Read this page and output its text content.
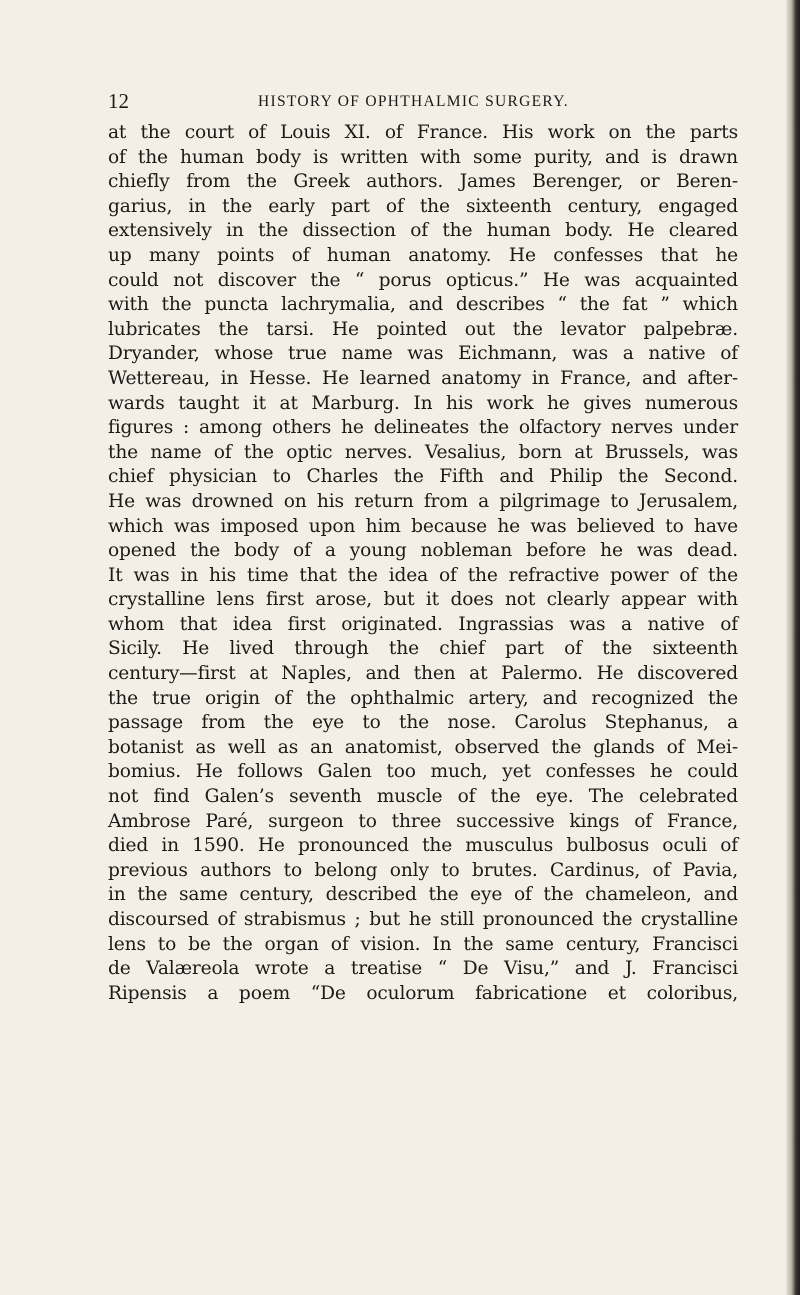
12	HISTORY OF OPHTHALMIC SURGERY.
at the court of Louis XI. of France. His work on the parts
of the human body is written with some purity, and is drawn
chiefly from the Greek authors. James Berenger, or Beren-
garius, in the early part of the sixteenth century, engaged
extensively in the dissection of the human body. He cleared
up many points of human anatomy. He confesses that he
could not discover the “ porus opticus.” He was acquainted
with the puncta lachrymalia, and describes “ the fat ” which
lubricates the tarsi. He pointed out the levator palpebræ.
Dryander, whose true name was Eichmann, was a native of
Wettereau, in Hesse. He learned anatomy in France, and after-
wards taught it at Marburg. In his work he gives numerous
figures : among others he delineates the olfactory nerves under
the name of the optic nerves. Vesalius, born at Brussels, was
chief physician to Charles the Fifth and Philip the Second.
He was drowned on his return from a pilgrimage to Jerusalem,
which was imposed upon him because he was believed to have
opened the body of a young nobleman before he was dead.
It was in his time that the idea of the refractive power of the
crystalline lens first arose, but it does not clearly appear with
whom that idea first originated. Ingrassias was a native of
Sicily. He lived through the chief part of the sixteenth
century—first at Naples, and then at Palermo. He discovered
the true origin of the ophthalmic artery, and recognized the
passage from the eye to the nose. Carolus Stephanus, a
botanist as well as an anatomist, observed the glands of Mei-
bomius. He follows Galen too much, yet confesses he could
not find Galen’s seventh muscle of the eye. The celebrated
Ambrose Paré, surgeon to three successive kings of France,
died in 1590. He pronounced the musculus bulbosus oculi of
previous authors to belong only to brutes. Cardinus, of Pavia,
in the same century, described the eye of the chameleon, and
discoursed of strabismus ; but he still pronounced the crystalline
lens to be the organ of vision. In the same century, Francisci
de Valæreola wrote a treatise “ De Visu,” and J. Francisci
Ripensis a poem “De oculorum fabricatione et coloribus,
